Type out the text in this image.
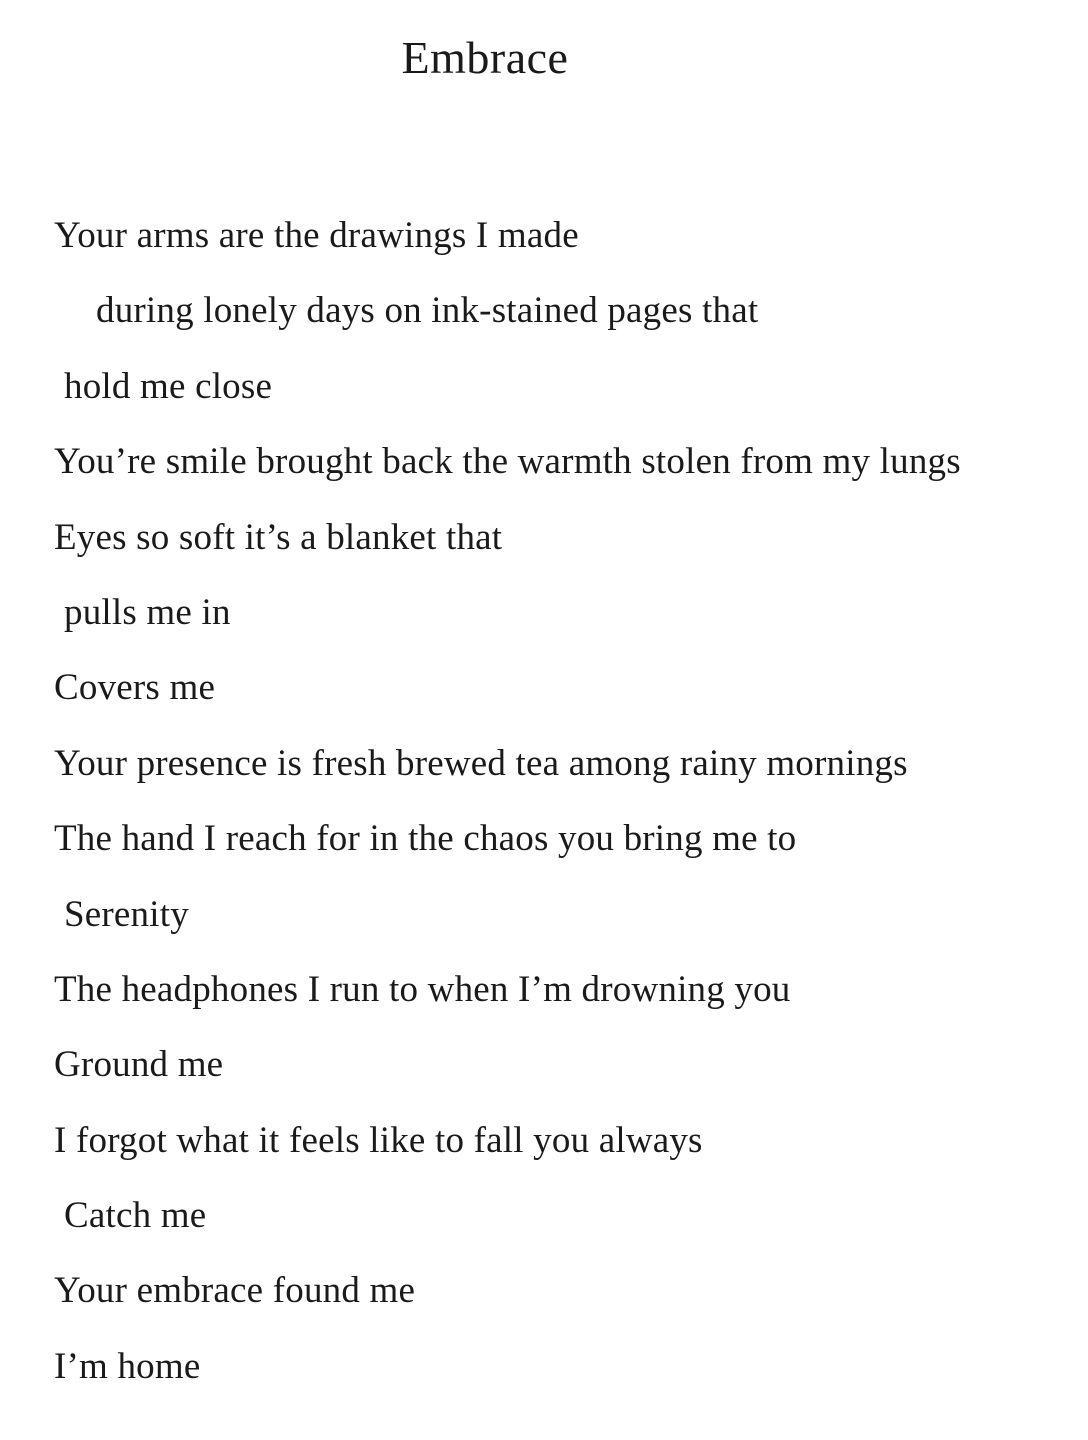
Embrace
Your arms are the drawings I made
during lonely days on ink-stained pages that
hold me close
You’re smile brought back the warmth stolen from my lungs
Eyes so soft it’s a blanket that
pulls me in
Covers me
Your presence is fresh brewed tea among rainy mornings
The hand I reach for in the chaos you bring me to
Serenity
The headphones I run to when I’m drowning you
Ground me
I forgot what it feels like to fall you always
Catch me
Your embrace found me
I’m home
